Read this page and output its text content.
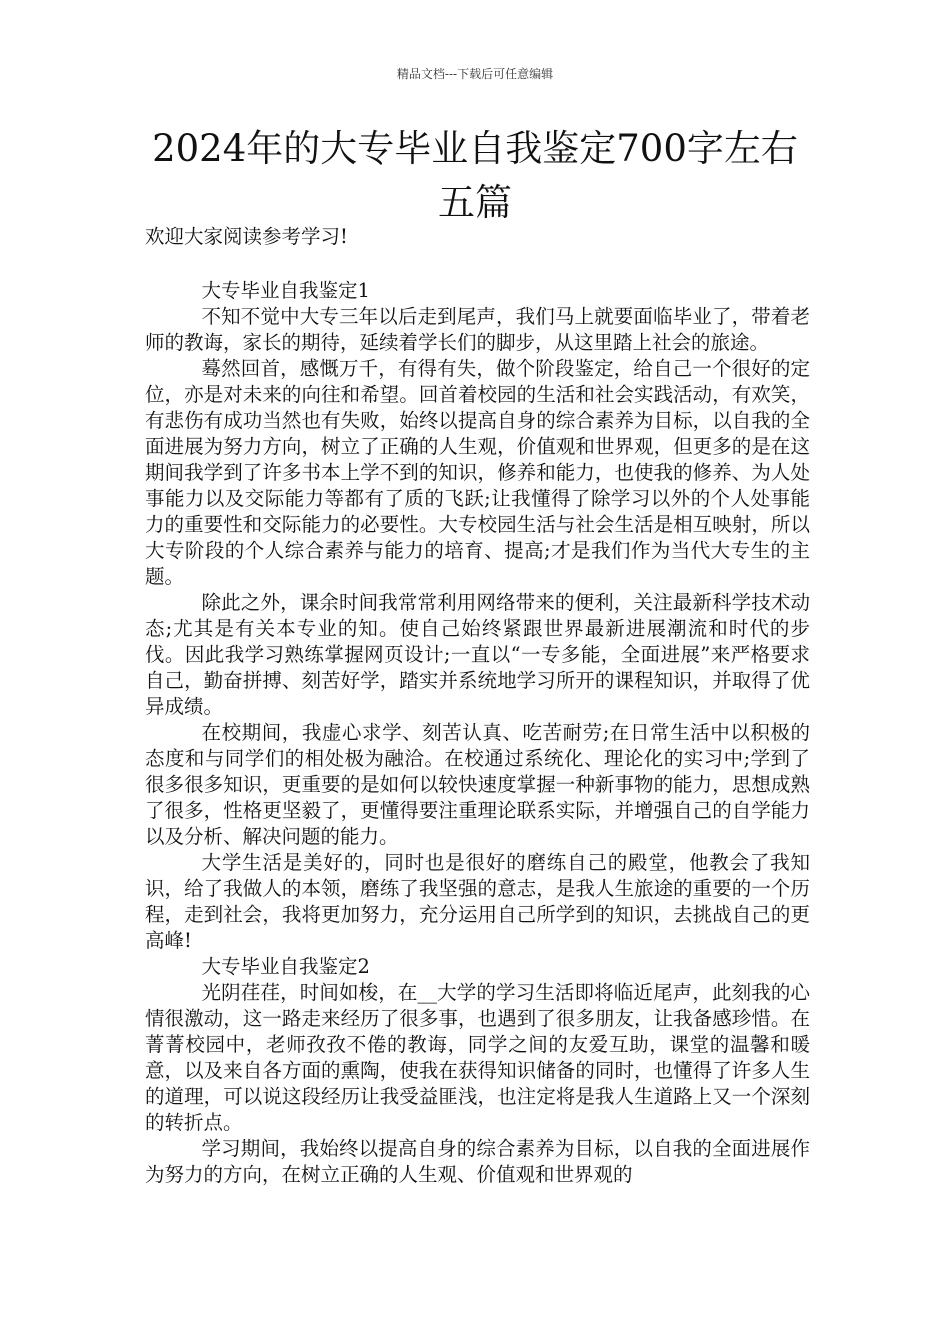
精品文档---下载后可任意编辑
2024年的大专毕业自我鉴定700字左右五篇

欢迎大家阅读参考学习!

大专毕业自我鉴定1

不知不觉中大专三年以后走到尾声，我们马上就要面临毕业了，带着老师的教诲，家长的期待，延续着学长们的脚步，从这里踏上社会的旅途。

蓦然回首，感慨万千，有得有失，做个阶段鉴定，给自己一个很好的定位，亦是对未来的向往和希望。回首着校园的生活和社会实践活动，有欢笑，有悲伤有成功当然也有失败，始终以提高自身的综合素养为目标，以自我的全面进展为努力方向，树立了正确的人生观，价值观和世界观，但更多的是在这期间我学到了许多书本上学不到的知识，修养和能力，也使我的修养、为人处事能力以及交际能力等都有了质的飞跃;让我懂得了除学习以外的个人处事能力的重要性和交际能力的必要性。大专校园生活与社会生活是相互映射，所以大专阶段的个人综合素养与能力的培育、提高;才是我们作为当代大专生的主题。

除此之外，课余时间我常常利用网络带来的便利，关注最新科学技术动态;尤其是有关本专业的知。使自己始终紧跟世界最新进展潮流和时代的步伐。因此我学习熟练掌握网页设计;一直以“一专多能，全面进展”来严格要求自己，勤奋拼搏、刻苦好学，踏实并系统地学习所开的课程知识，并取得了优异成绩。

在校期间，我虚心求学、刻苦认真、吃苦耐劳;在日常生活中以积极的态度和与同学们的相处极为融洽。在校通过系统化、理论化的实习中;学到了很多很多知识，更重要的是如何以较快速度掌握一种新事物的能力，思想成熟了很多，性格更坚毅了，更懂得要注重理论联系实际，并增强自己的自学能力以及分析、解决问题的能力。

大学生活是美好的，同时也是很好的磨练自己的殿堂，他教会了我知识，给了我做人的本领，磨练了我坚强的意志，是我人生旅途的重要的一个历程，走到社会，我将更加努力，充分运用自己所学到的知识，去挑战自己的更高峰!

大专毕业自我鉴定2

光阴荏荏，时间如梭，在__大学的学习生活即将临近尾声，此刻我的心情很激动，这一路走来经历了很多事，也遇到了很多朋友，让我备感珍惜。在菁菁校园中，老师孜孜不倦的教诲，同学之间的友爱互助，课堂的温馨和暖意，以及来自各方面的熏陶，使我在获得知识储备的同时，也懂得了许多人生的道理，可以说这段经历让我受益匪浅，也注定将是我人生道路上又一个深刻的转折点。

学习期间，我始终以提高自身的综合素养为目标，以自我的全面进展作为努力的方向，在树立正确的人生观、价值观和世界观的
